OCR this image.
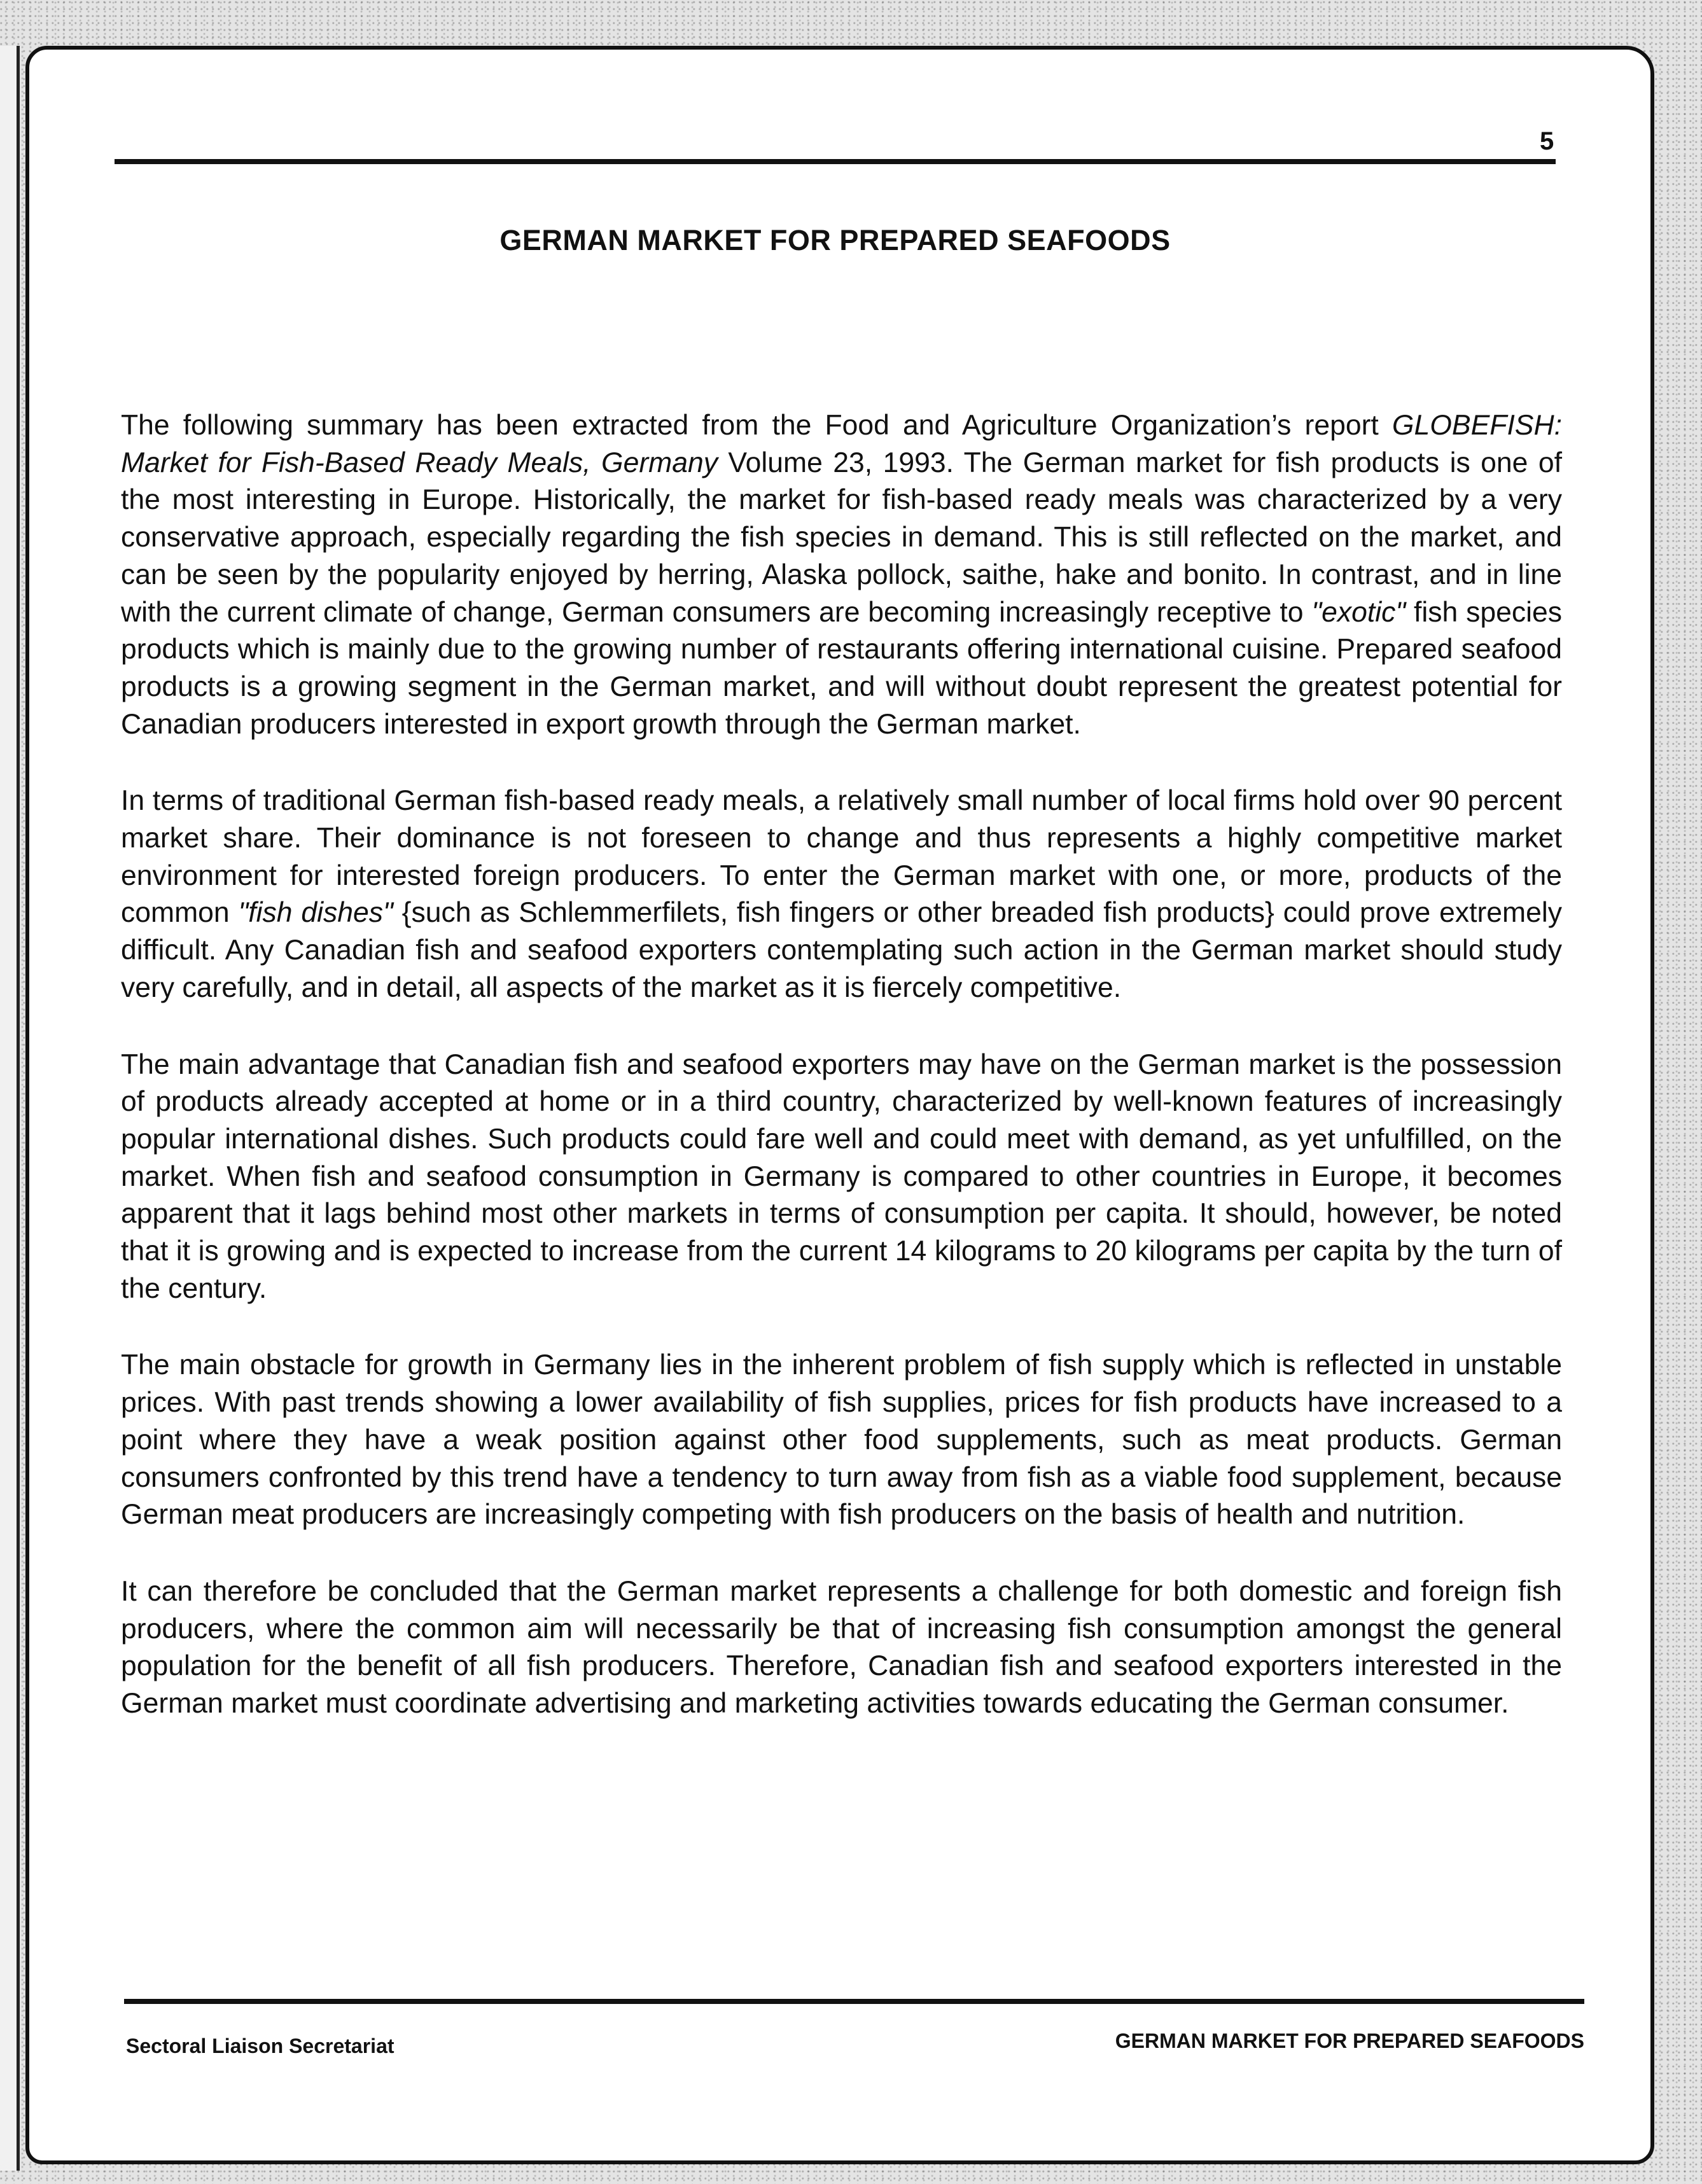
5
GERMAN MARKET FOR PREPARED SEAFOODS

The following summary has been extracted from the Food and Agriculture Organization’s report GLOBEFISH: Market for Fish-Based Ready Meals, Germany Volume 23, 1993. The German market for fish products is one of the most interesting in Europe. Historically, the market for fish-based ready meals was characterized by a very conservative approach, especially regarding the fish species in demand. This is still reflected on the market, and can be seen by the popularity enjoyed by herring, Alaska pollock, saithe, hake and bonito. In contrast, and in line with the current climate of change, German consumers are becoming increasingly receptive to "exotic" fish species products which is mainly due to the growing number of restaurants offering international cuisine. Prepared seafood products is a growing segment in the German market, and will without doubt represent the greatest potential for Canadian producers interested in export growth through the German market.

In terms of traditional German fish-based ready meals, a relatively small number of local firms hold over 90 percent market share. Their dominance is not foreseen to change and thus represents a highly competitive market environment for interested foreign producers. To enter the German market with one, or more, products of the common "fish dishes" {such as Schlemmerfilets, fish fingers or other breaded fish products} could prove extremely difficult. Any Canadian fish and seafood exporters contemplating such action in the German market should study very carefully, and in detail, all aspects of the market as it is fiercely competitive.

The main advantage that Canadian fish and seafood exporters may have on the German market is the possession of products already accepted at home or in a third country, characterized by well-known features of increasingly popular international dishes. Such products could fare well and could meet with demand, as yet unfulfilled, on the market. When fish and seafood consumption in Germany is compared to other countries in Europe, it becomes apparent that it lags behind most other markets in terms of consumption per capita. It should, however, be noted that it is growing and is expected to increase from the current 14 kilograms to 20 kilograms per capita by the turn of the century.

The main obstacle for growth in Germany lies in the inherent problem of fish supply which is reflected in unstable prices. With past trends showing a lower availability of fish supplies, prices for fish products have increased to a point where they have a weak position against other food supplements, such as meat products. German consumers confronted by this trend have a tendency to turn away from fish as a viable food supplement, because German meat producers are increasingly competing with fish producers on the basis of health and nutrition.

It can therefore be concluded that the German market represents a challenge for both domestic and foreign fish producers, where the common aim will necessarily be that of increasing fish consumption amongst the general population for the benefit of all fish producers. Therefore, Canadian fish and seafood exporters interested in the German market must coordinate advertising and marketing activities towards educating the German consumer.

Sectoral Liaison Secretariat	GERMAN MARKET FOR PREPARED SEAFOODS
